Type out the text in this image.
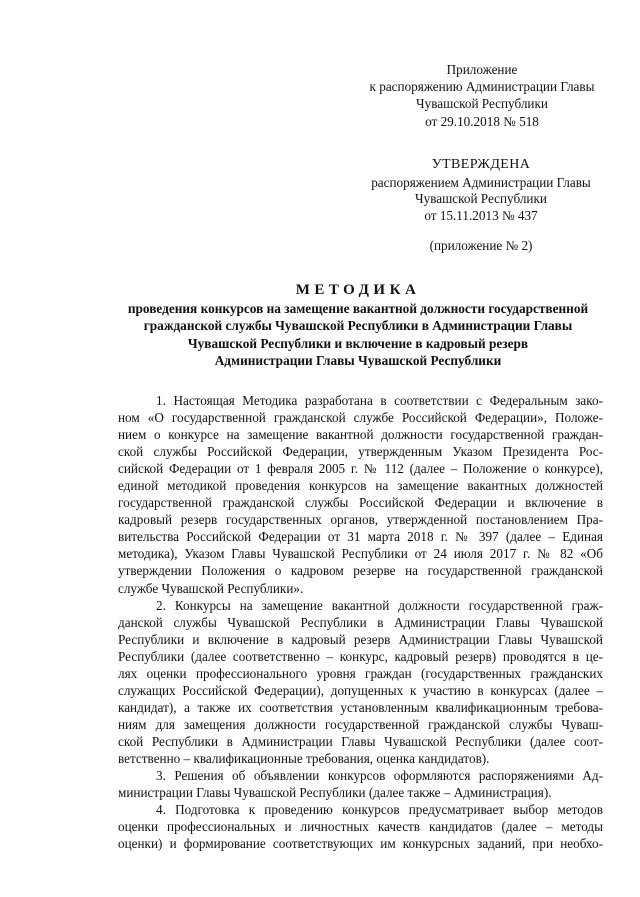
Приложение
к распоряжению Администрации Главы
Чувашской Республики
от 29.10.2018 № 518
УТВЕРЖДЕНА
распоряжением Администрации Главы
Чувашской Республики
от 15.11.2013 № 437
(приложение № 2)
МЕТОДИКА
проведения конкурсов на замещение вакантной должности государственной
гражданской службы Чувашской Республики в Администрации Главы
Чувашской Республики и включение в кадровый резерв
Администрации Главы Чувашской Республики
1. Настоящая Методика разработана в соответствии с Федеральным зако-
ном «О государственной гражданской службе Российской Федерации», Положе-
нием о конкурсе на замещение вакантной должности государственной граждан-
ской службы Российской Федерации, утвержденным Указом Президента Рос-
сийской Федерации от 1 февраля 2005 г. № 112 (далее – Положение о конкурсе),
единой методикой проведения конкурсов на замещение вакантных должностей
государственной гражданской службы Российской Федерации и включение в
кадровый резерв государственных органов, утвержденной постановлением Пра-
вительства Российской Федерации от 31 марта 2018 г. № 397 (далее – Единая
методика), Указом Главы Чувашской Республики от 24 июля 2017 г. № 82 «Об
утверждении Положения о кадровом резерве на государственной гражданской
службе Чувашской Республики».
2. Конкурсы на замещение вакантной должности государственной граж-
данской службы Чувашской Республики в Администрации Главы Чувашской
Республики и включение в кадровый резерв Администрации Главы Чувашской
Республики (далее соответственно – конкурс, кадровый резерв) проводятся в це-
лях оценки профессионального уровня граждан (государственных гражданских
служащих Российской Федерации), допущенных к участию в конкурсах (далее –
кандидат), а также их соответствия установленным квалификационным требова-
ниям для замещения должности государственной гражданской службы Чуваш-
ской Республики в Администрации Главы Чувашской Республики (далее соот-
ветственно – квалификационные требования, оценка кандидатов).
3. Решения об объявлении конкурсов оформляются распоряжениями Ад-
министрации Главы Чувашской Республики (далее также – Администрация).
4. Подготовка к проведению конкурсов предусматривает выбор методов
оценки профессиональных и личностных качеств кандидатов (далее – методы
оценки) и формирование соответствующих им конкурсных заданий, при необхо-
